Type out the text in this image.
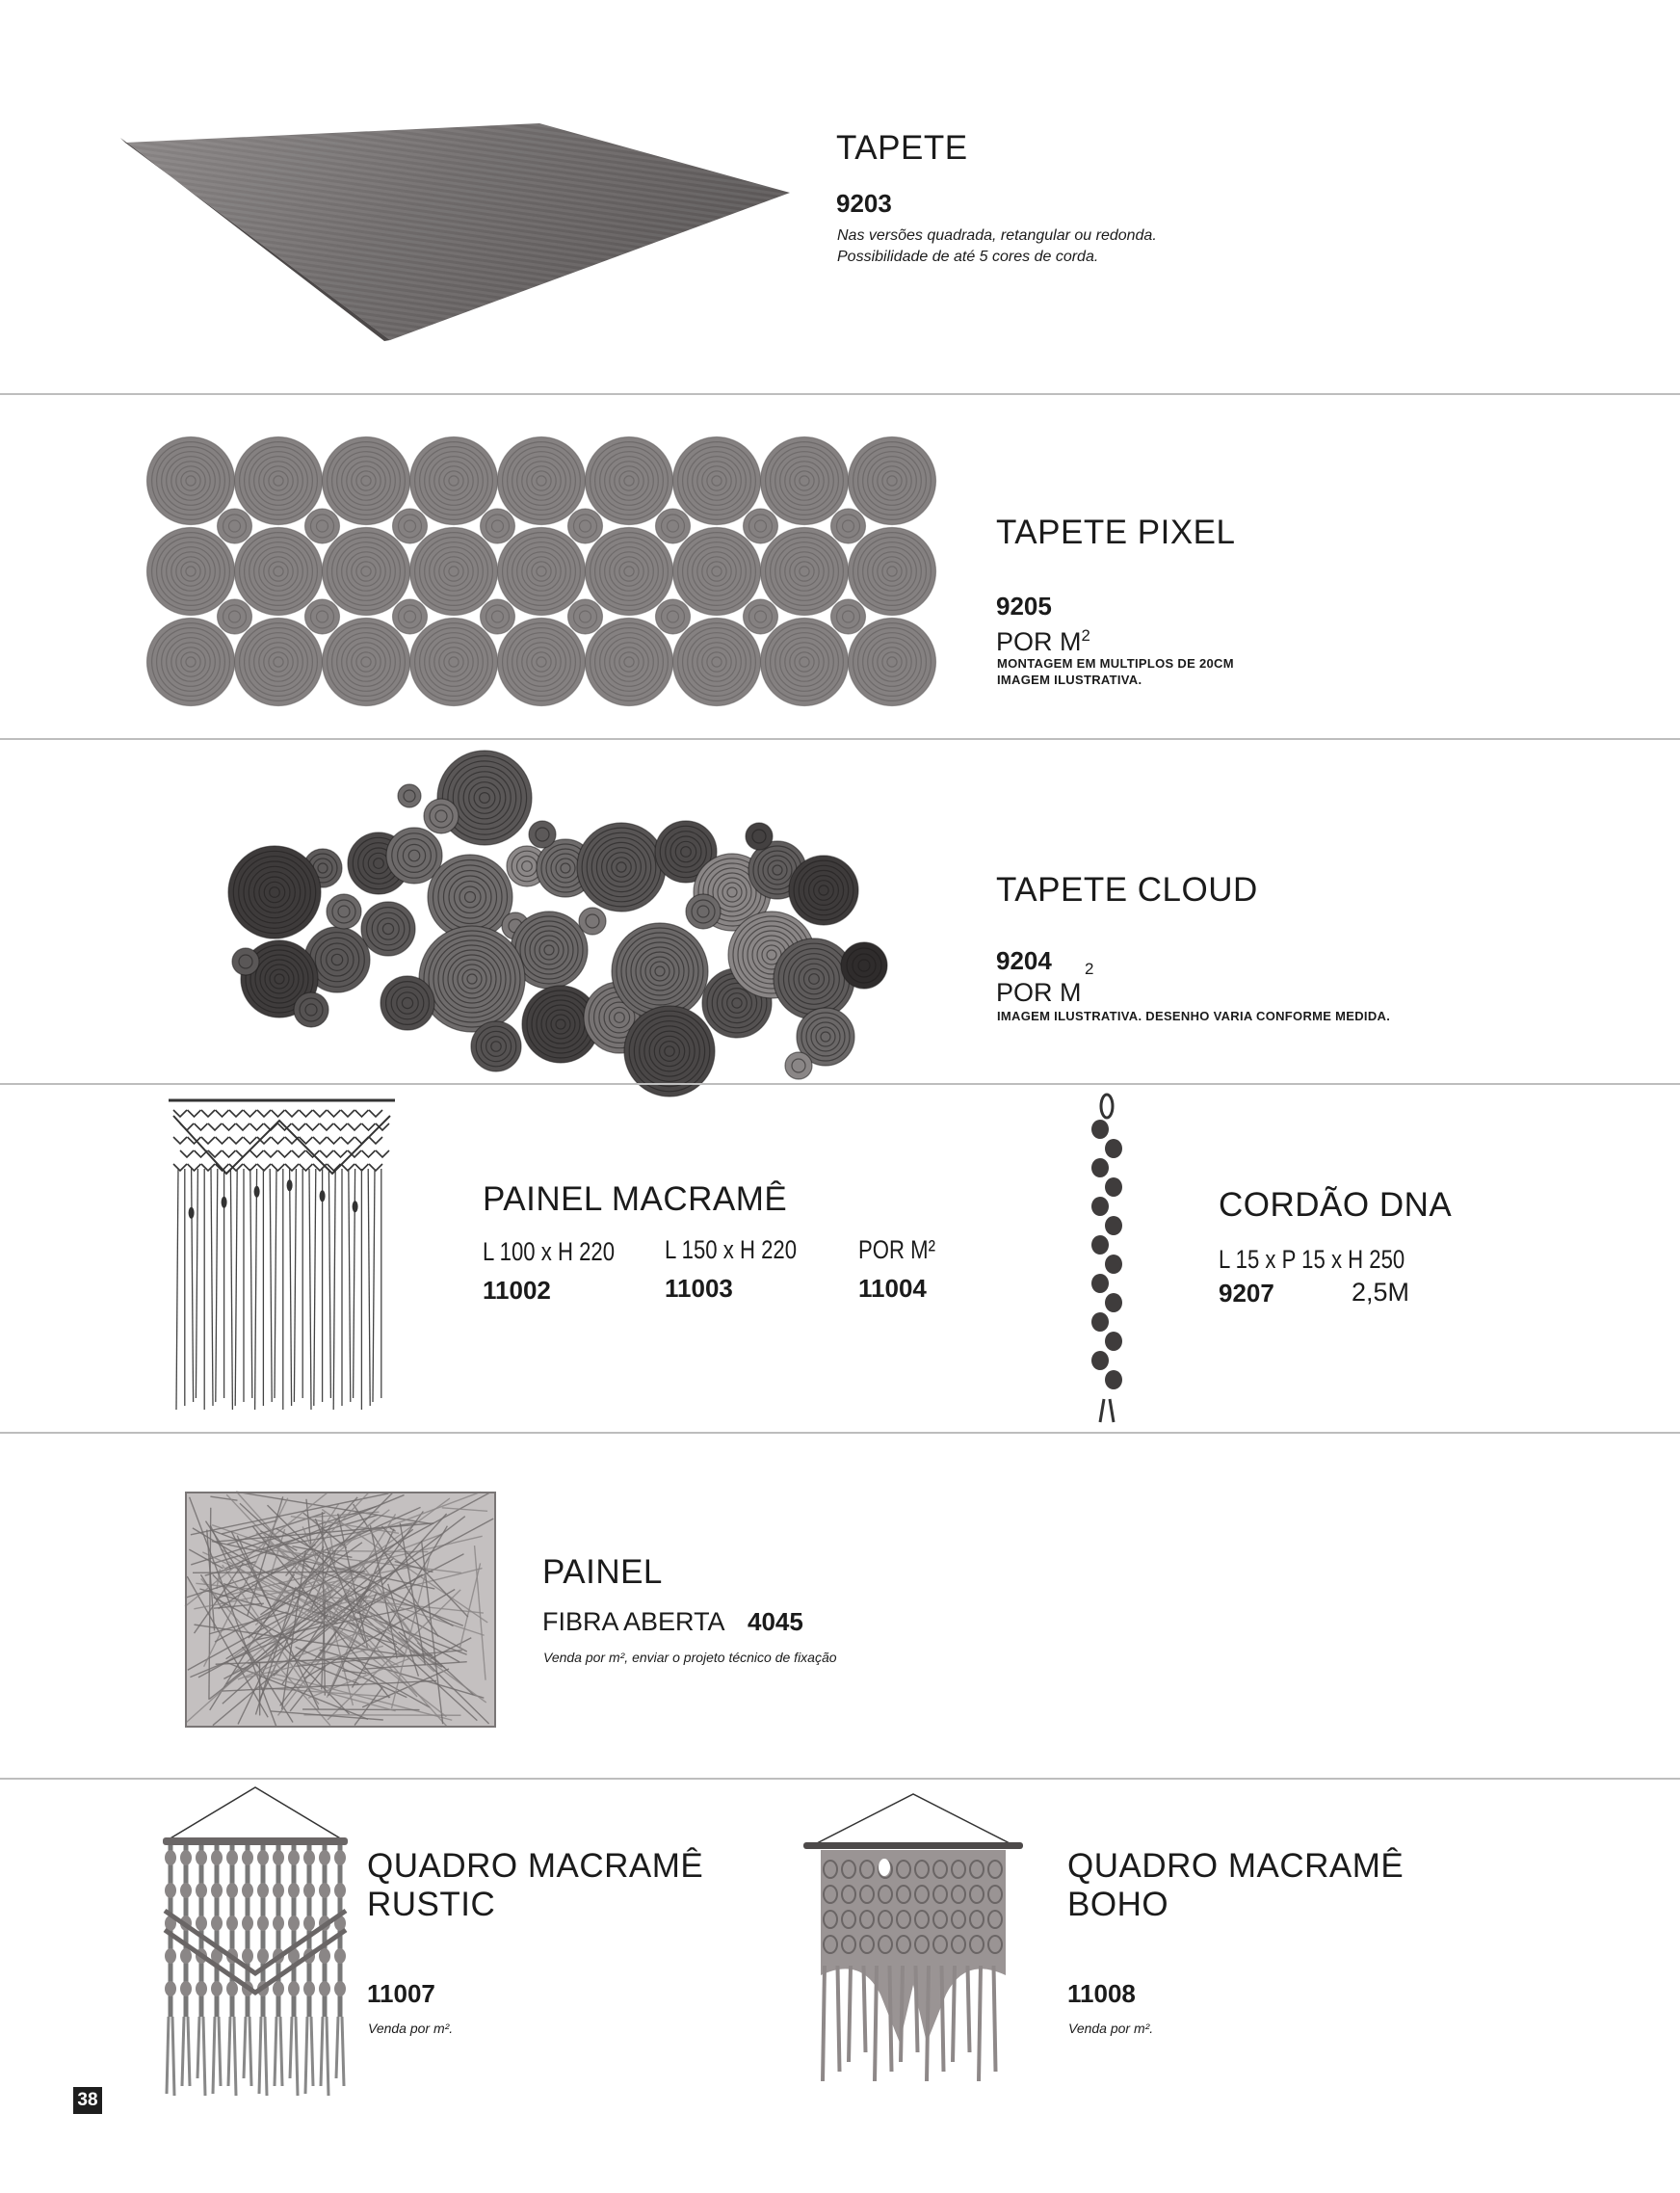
TAPETE
9203
Nas versões quadrada, retangular ou redonda.
Possibilidade de até 5 cores de corda.
TAPETE PIXEL
9205
POR $M^2$
MONTAGEM EM MULTIPLOS DE 20CM
IMAGEM ILUSTRATIVA.
TAPETE CLOUD
9204 2
POR M
IMAGEM ILUSTRATIVA. DESENHO VARIA CONFORME MEDIDA.
PAINEL MACRAMÊ
L 100 x H 220
11002
L 150 x H 220
11003
POR M²
11004
CORDÃO DNA
L 15 x P 15 x H 250
9207	2,5M
PAINEL
FIBRA ABERTA 4045
Venda por m², enviar o projeto técnico de fixação
QUADRO MACRAMÊ
RUSTIC
11007
Venda por m².
QUADRO MACRAMÊ
BOHO
11008
Venda por m².
38
